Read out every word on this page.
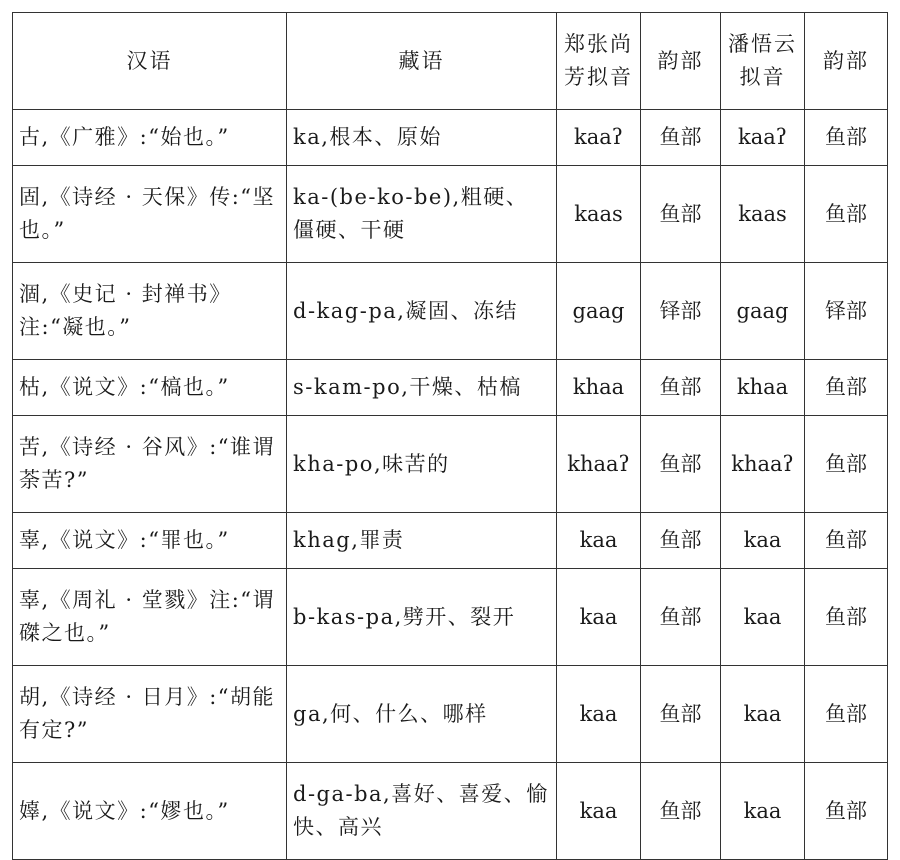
汉语	藏语	郑张尚芳拟音	韵部	潘悟云拟音	韵部
古,《广雅》:“始也。”	ka,根本、原始	kaaʔ	鱼部	kaaʔ	鱼部
固,《诗经 · 天保》传:“坚也。”	ka-(be-ko-be),粗硬、僵硬、干硬	kaas	鱼部	kaas	鱼部
涸,《史记 · 封禅书》注:“凝也。”	d-kag-pa,凝固、冻结	gaag	铎部	gaag	铎部
枯,《说文》:“槁也。”	s-kam-po,干燥、枯槁	khaa	鱼部	khaa	鱼部
苦,《诗经 · 谷风》:“谁谓荼苦?”	kha-po,味苦的	khaaʔ	鱼部	khaaʔ	鱼部
辜,《说文》:“罪也。”	khag,罪责	kaa	鱼部	kaa	鱼部
辜,《周礼 · 堂戮》注:“谓磔之也。”	b-kas-pa,劈开、裂开	kaa	鱼部	kaa	鱼部
胡,《诗经 · 日月》:“胡能有定?”	ga,何、什么、哪样	kaa	鱼部	kaa	鱼部
嫴,《说文》:“嫪也。”	d-ga-ba,喜好、喜爱、愉快、高兴	kaa	鱼部	kaa	鱼部
